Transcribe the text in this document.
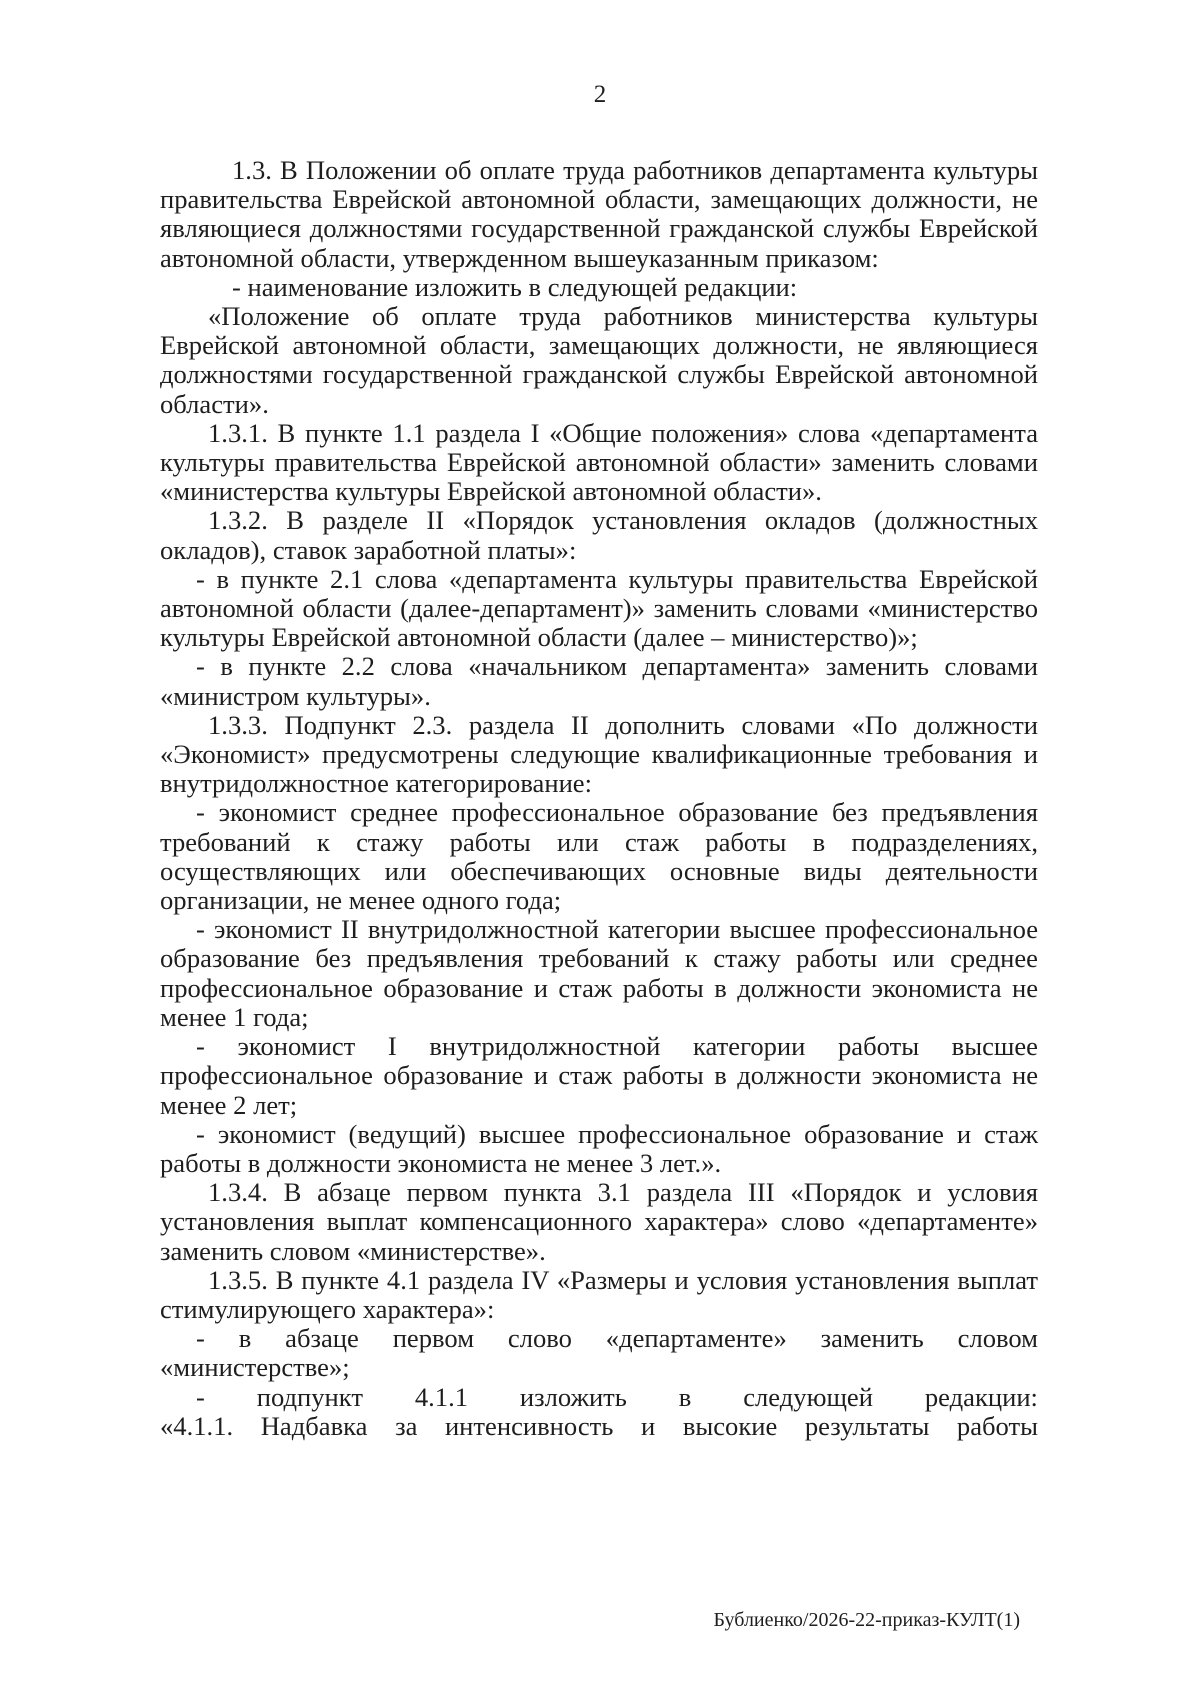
2

1.3. В Положении об оплате труда работников департамента культуры правительства Еврейской автономной области, замещающих должности, не являющиеся должностями государственной гражданской службы Еврейской автономной области, утвержденном вышеуказанным приказом:

- наименование изложить в следующей редакции:

«Положение об оплате труда работников министерства культуры Еврейской автономной области, замещающих должности, не являющиеся должностями государственной гражданской службы Еврейской автономной области».

1.3.1. В пункте 1.1 раздела I «Общие положения» слова «департамента культуры правительства Еврейской автономной области» заменить словами «министерства культуры Еврейской автономной области».

1.3.2. В разделе II «Порядок установления окладов (должностных окладов), ставок заработной платы»:

- в пункте 2.1 слова «департамента культуры правительства Еврейской автономной области (далее-департамент)» заменить словами «министерство культуры Еврейской автономной области (далее – министерство)»;

- в пункте 2.2 слова «начальником департамента» заменить словами «министром культуры».

1.3.3. Подпункт 2.3. раздела II дополнить словами «По должности «Экономист» предусмотрены следующие квалификационные требования и внутридолжностное категорирование:

- экономист среднее профессиональное образование без предъявления требований к стажу работы или стаж работы в подразделениях, осуществляющих или обеспечивающих основные виды деятельности организации, не менее одного года;

- экономист II внутридолжностной категории высшее профессиональное образование без предъявления требований к стажу работы или среднее профессиональное образование и стаж работы в должности экономиста не менее 1 года;

- экономист I внутридолжностной категории работы высшее профессиональное образование и стаж работы в должности экономиста не менее 2 лет;

- экономист (ведущий) высшее профессиональное образование и стаж работы в должности экономиста не менее 3 лет.».

1.3.4. В абзаце первом пункта 3.1 раздела III «Порядок и условия установления выплат компенсационного характера» слово «департаменте» заменить словом «министерстве».

1.3.5. В пункте 4.1 раздела IV «Размеры и условия установления выплат стимулирующего характера»:

- в абзаце первом слово «департаменте» заменить словом «министерстве»;

- подпункт 4.1.1 изложить в следующей редакции:
«4.1.1. Надбавка за интенсивность и высокие результаты работы
Бублиенко/2026-22-приказ-КУЛТ(1)
